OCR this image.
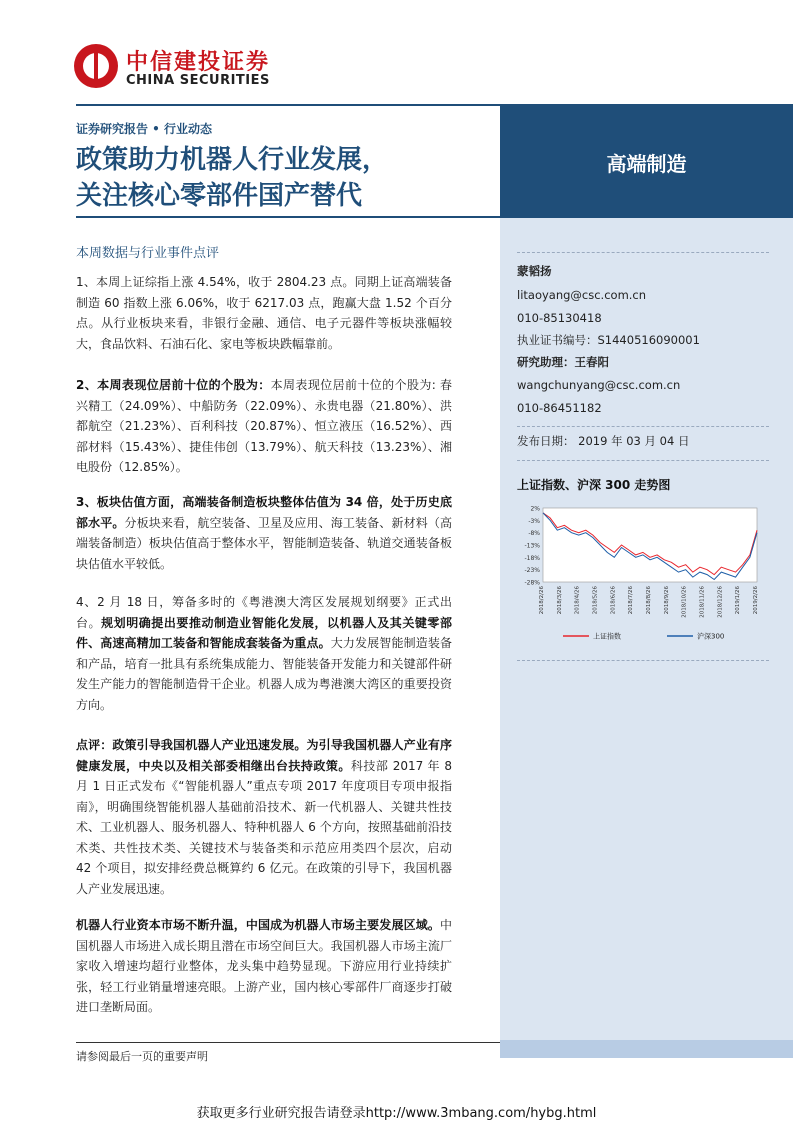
中信建投证券
CHINA SECURITIES
证券研究报告 • 行业动态
政策助力机器人行业发展，
关注核心零部件国产替代
高端制造
本周数据与行业事件点评
1、本周上证综指上涨 4.54%，收于 2804.23 点。同期上证高端装备制造 60 指数上涨 6.06%，收于 6217.03 点，跑赢大盘 1.52 个百分点。从行业板块来看，非银行金融、通信、电子元器件等板块涨幅较大，食品饮料、石油石化、家电等板块跌幅靠前。
2、本周表现位居前十位的个股为：本周表现位居前十位的个股为: 春兴精工（24.09%）、中船防务（22.09%）、永贵电器（21.80%）、洪都航空（21.23%）、百利科技（20.87%）、恒立液压（16.52%）、西部材料（15.43%）、捷佳伟创（13.79%）、航天科技（13.23%）、湘电股份（12.85%）。
3、板块估值方面，高端装备制造板块整体估值为 34 倍，处于历史底部水平。分板块来看，航空装备、卫星及应用、海工装备、新材料（高端装备制造）板块估值高于整体水平，智能制造装备、轨道交通装备板块估值水平较低。
4、2 月 18 日，筹备多时的《粤港澳大湾区发展规划纲要》正式出台。规划明确提出要推动制造业智能化发展，以机器人及其关键零部件、高速高精加工装备和智能成套装备为重点。大力发展智能制造装备和产品，培育一批具有系统集成能力、智能装备开发能力和关键部件研发生产能力的智能制造骨干企业。机器人成为粤港澳大湾区的重要投资方向。
点评：政策引导我国机器人产业迅速发展。为引导我国机器人产业有序健康发展，中央以及相关部委相继出台扶持政策。科技部 2017 年 8 月 1 日正式发布《“智能机器人”重点专项 2017 年度项目专项申报指南》，明确围绕智能机器人基础前沿技术、新一代机器人、关键共性技术、工业机器人、服务机器人、特种机器人 6 个方向，按照基础前沿技术类、共性技术类、关键技术与装备类和示范应用类四个层次，启动 42 个项目，拟安排经费总概算约 6 亿元。在政策的引导下，我国机器人产业发展迅速。
机器人行业资本市场不断升温，中国成为机器人市场主要发展区域。中国机器人市场进入成长期且潜在市场空间巨大。我国机器人市场主流厂家收入增速均超行业整体，龙头集中趋势显现。下游应用行业持续扩张，轻工行业销量增速亮眼。上游产业，国内核心零部件厂商逐步打破进口垄断局面。
蒙韬扬
litaoyang@csc.com.cn
010-85130418
执业证书编号：S1440516090001
研究助理：王春阳
wangchunyang@csc.com.cn
010-86451182
发布日期： 2019 年 03 月 04 日
上证指数、沪深 300 走势图
2%
-3%
-8%
-13%
-18%
-23%
-28%
2018/2/26 2018/3/26 2018/4/26 2018/5/26 2018/6/26 2018/7/26 2018/8/26 2018/9/26 2018/10/26 2018/11/26 2018/12/26 2019/1/26 2019/2/26
上证指数	沪深300
请参阅最后一页的重要声明
获取更多行业研究报告请登录http://www.3mbang.com/hybg.html
